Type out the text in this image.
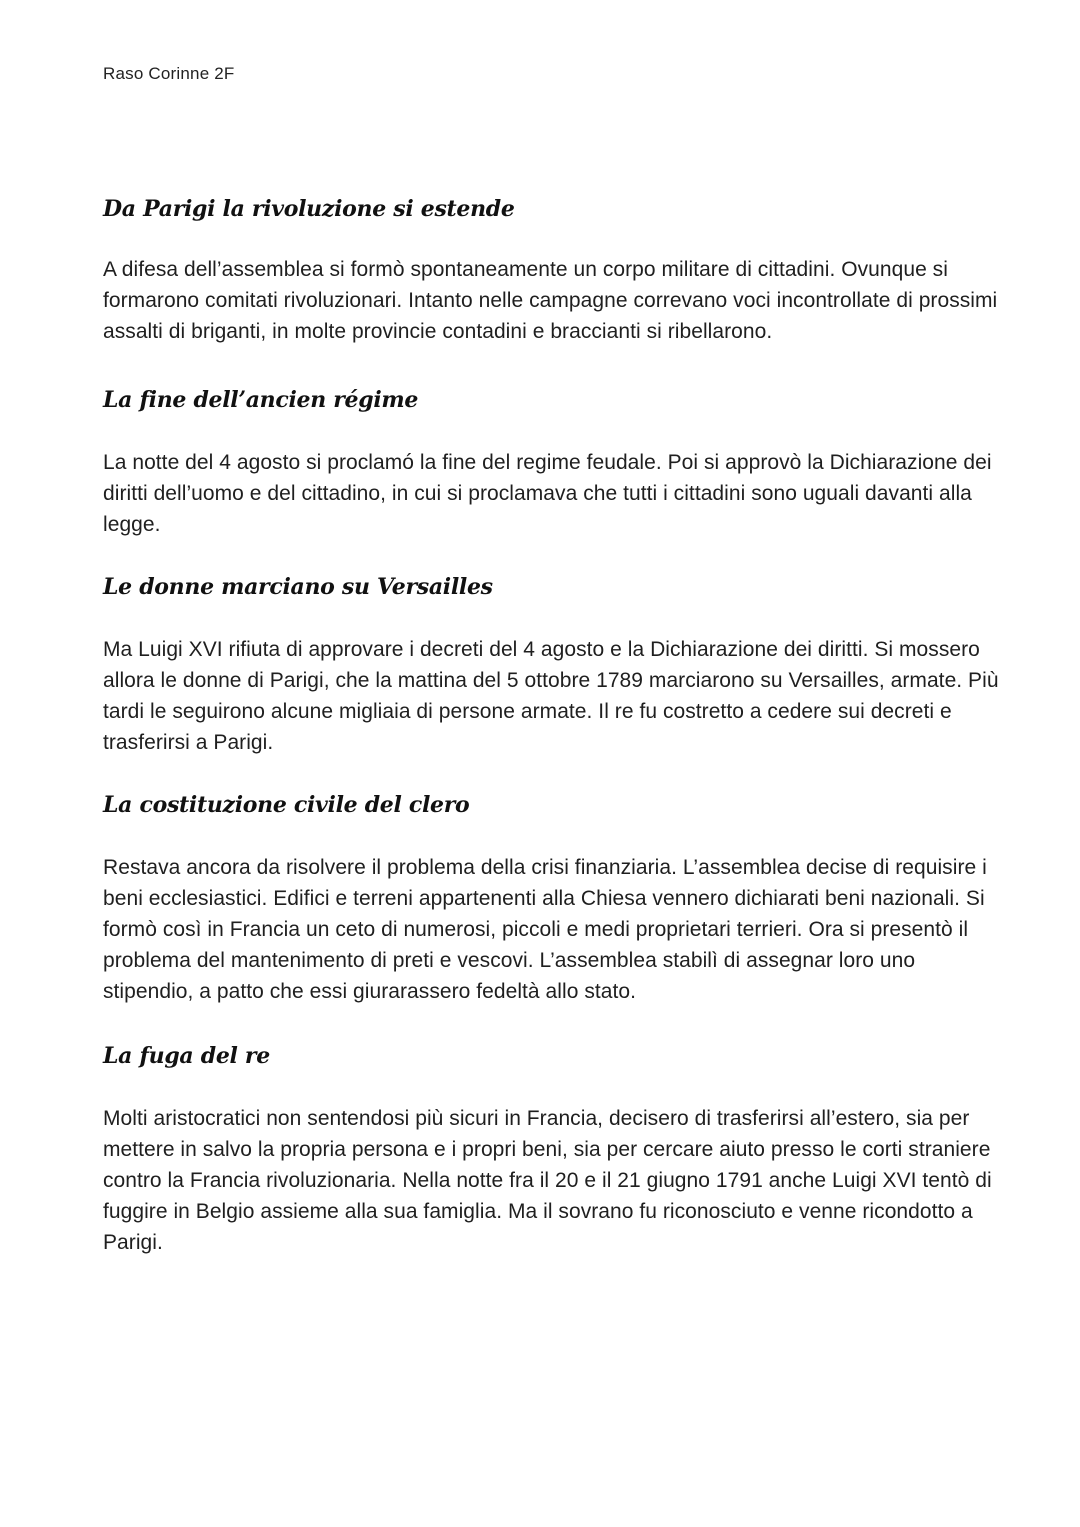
Raso Corinne 2F
Da Parigi la rivoluzione si estende

A difesa dell’assemblea si formò spontaneamente un corpo militare di cittadini. Ovunque si formarono comitati rivoluzionari. Intanto nelle campagne correvano voci incontrollate di prossimi assalti di briganti, in molte provincie contadini e braccianti si ribellarono.

La fine dell’ancien régime

La notte del 4 agosto si proclamó la fine del regime feudale. Poi si approvò la Dichiarazione dei diritti dell’uomo e del cittadino, in cui si proclamava che tutti i cittadini sono uguali davanti alla legge.

Le donne marciano su Versailles

Ma Luigi XVI rifiuta di approvare i decreti del 4 agosto e la Dichiarazione dei diritti. Si mossero allora le donne di Parigi, che la mattina del 5 ottobre 1789 marciarono su Versailles, armate. Più tardi le seguirono alcune migliaia di persone armate. Il re fu costretto a cedere sui decreti e trasferirsi a Parigi.

La costituzione civile del clero

Restava ancora da risolvere il problema della crisi finanziaria. L’assemblea decise di requisire i beni ecclesiastici. Edifici e terreni appartenenti alla Chiesa vennero dichiarati beni nazionali. Si formò così in Francia un ceto di numerosi, piccoli e medi proprietari terrieri. Ora si presentò il problema del mantenimento di preti e vescovi. L’assemblea stabilì di assegnar loro uno stipendio, a patto che essi giurarassero fedeltà allo stato.

La fuga del re

Molti aristocratici non sentendosi più sicuri in Francia, decisero di trasferirsi all’estero, sia per mettere in salvo la propria persona e i propri beni, sia per cercare aiuto presso le corti straniere contro la Francia rivoluzionaria. Nella notte fra il 20 e il 21 giugno 1791 anche Luigi XVI tentò di fuggire in Belgio assieme alla sua famiglia. Ma il sovrano fu riconosciuto e venne ricondotto a Parigi.
